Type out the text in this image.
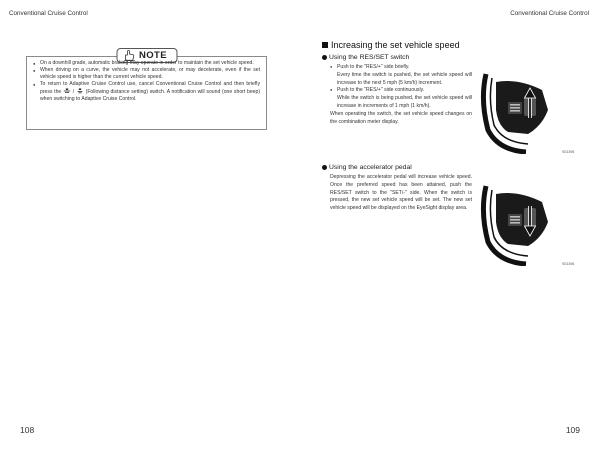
Conventional Cruise Control
NOTE
● On a downhill grade, automatic braking may operate in order to maintain the set vehicle speed.
● When driving on a curve, the vehicle may not accelerate, or may decelerate, even if the set vehicle speed is higher than the current vehicle speed.
● To return to Adaptive Cruise Control use, cancel Conventional Cruise Control and then briefly press the / (Following distance setting) switch. A notification will sound (one short beep) when switching to Adaptive Cruise Control.
108
Conventional Cruise Control
Increasing the set vehicle speed
Using the RES/SET switch
● Push to the "RES/+" side briefly.
Every time the switch is pushed, the set vehicle speed will increase to the next 5 mph (5 km/h) increment.
● Push to the "RES/+" side continuously.
While the switch is being pushed, the set vehicle speed will increase in increments of 1 mph (1 km/h).
When operating the switch, the set vehicle speed changes on the combination meter display.
S01395
Using the accelerator pedal
Depressing the accelerator pedal will increase vehicle speed. Once the preferred speed has been attained, push the RES/SET switch to the "SET/-" side. When the switch is pressed, the new set vehicle speed will be set. The new set vehicle speed will be displayed on the EyeSight display area.
S01396
109
